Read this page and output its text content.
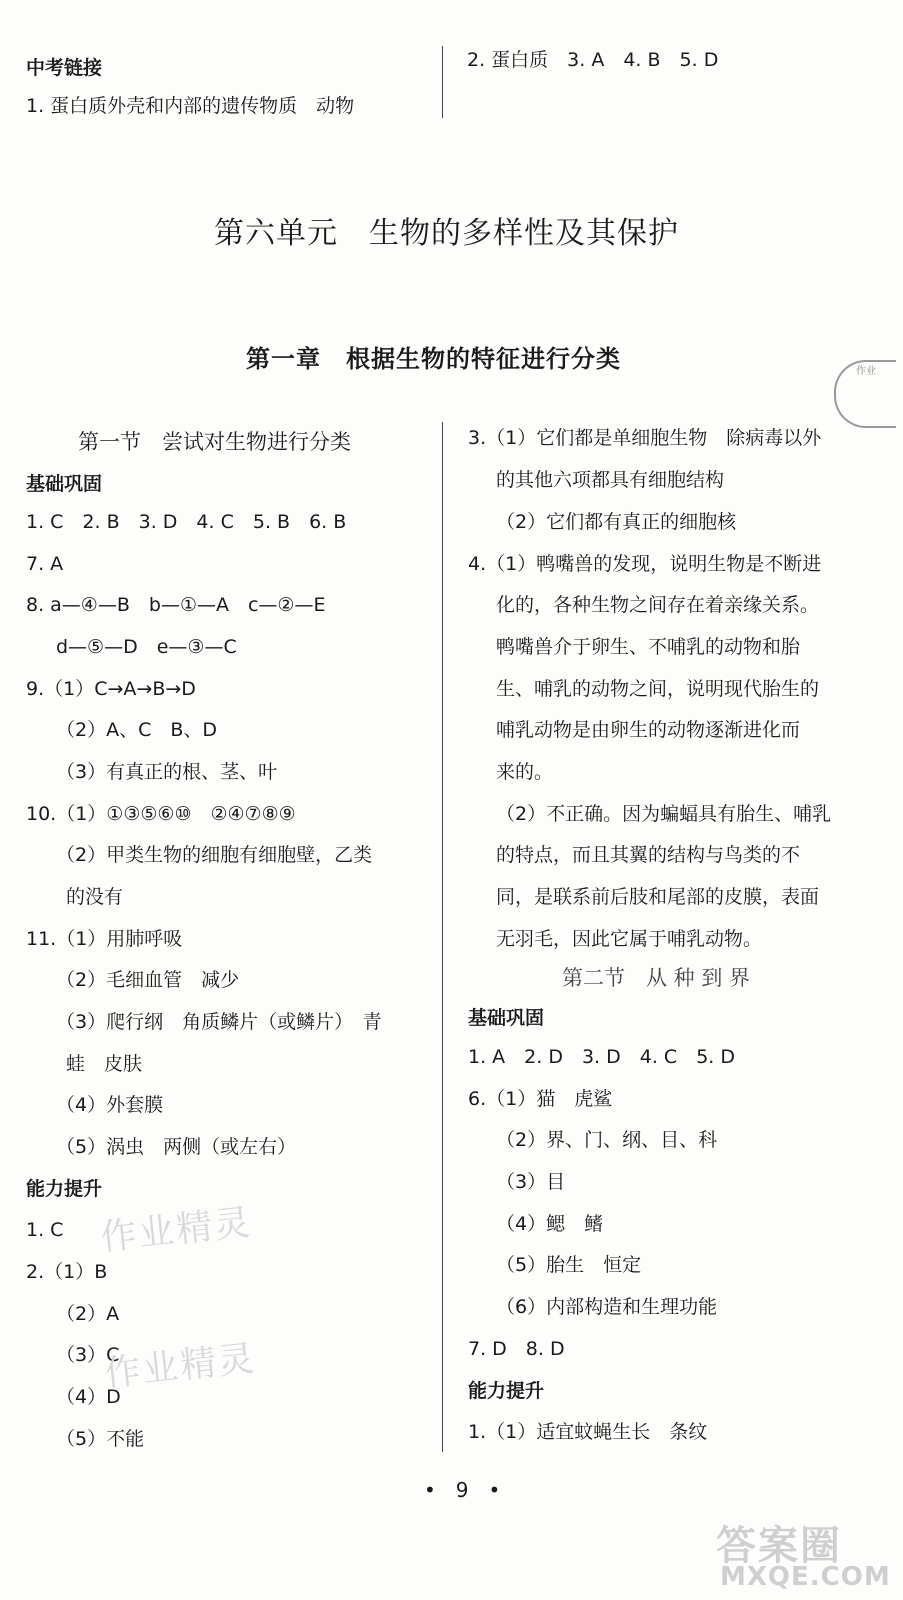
中考链接
1. 蛋白质外壳和内部的遗传物质　动物
2. 蛋白质　3. A　4. B　5. D
第六单元　生物的多样性及其保护
第一章　根据生物的特征进行分类	作业
第一节　尝试对生物进行分类
基础巩固
1. C　2. B　3. D　4. C　5. B　6. B
7. A
8. a—④—B　b—①—A　c—②—E
d—⑤—D　e—③—C
9.（1）C→A→B→D
（2）A、C　B、D
（3）有真正的根、茎、叶
10.（1）①③⑤⑥⑩　②④⑦⑧⑨
（2）甲类生物的细胞有细胞壁，乙类
的没有
11.（1）用肺呼吸
（2）毛细血管　减少
（3）爬行纲　角质鳞片（或鳞片）　青
蛙　皮肤
（4）外套膜
（5）涡虫　两侧（或左右）
能力提升
1. C
2.（1）B
（2）A
（3）C
（4）D
（5）不能
作业精灵
作业精灵
3.（1）它们都是单细胞生物　除病毒以外
的其他六项都具有细胞结构
（2）它们都有真正的细胞核
4.（1）鸭嘴兽的发现，说明生物是不断进
化的，各种生物之间存在着亲缘关系。
鸭嘴兽介于卵生、不哺乳的动物和胎
生、哺乳的动物之间，说明现代胎生的
哺乳动物是由卵生的动物逐渐进化而
来的。
（2）不正确。因为蝙蝠具有胎生、哺乳
的特点，而且其翼的结构与鸟类的不
同，是联系前后肢和尾部的皮膜，表面
无羽毛，因此它属于哺乳动物。
第二节　从 种 到 界
基础巩固
1. A　2. D　3. D　4. C　5. D
6.（1）猫　虎鲨
（2）界、门、纲、目、科
（3）目
（4）鳃　鳍
（5）胎生　恒定
（6）内部构造和生理功能
7. D　8. D
能力提升
1.（1）适宜蚊蝇生长　条纹
•　9　•
答案圈
MXQE.COM
